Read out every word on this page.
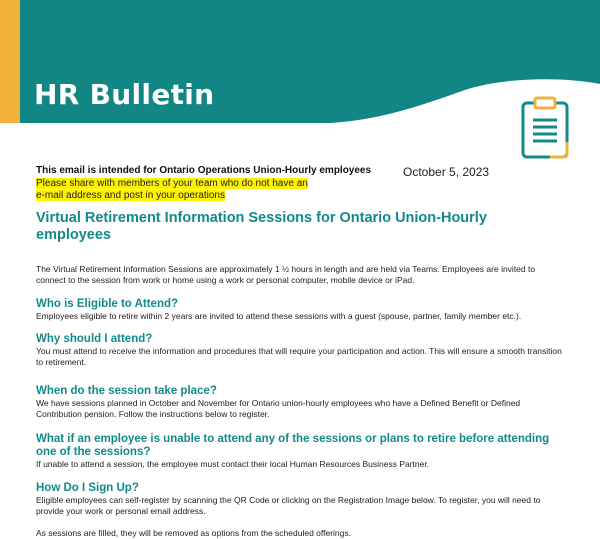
HR Bulletin
This email is intended for Ontario Operations Union-Hourly employees
Please share with members of your team who do not have an
e-mail address and post in your operations
October 5, 2023
Virtual Retirement Information Sessions for Ontario Union-Hourly employees

The Virtual Retirement Information Sessions are approximately 1 ½ hours in length and are held via Teams. Employees are invited to connect to the session from work or home using a work or personal computer, mobile device or iPad.

Who is Eligible to Attend?

Employees eligible to retire within 2 years are invited to attend these sessions with a guest (spouse, partner, family member etc.).

Why should I attend?

You must attend to receive the information and procedures that will require your participation and action. This will ensure a smooth transition to retirement.

When do the session take place?

We have sessions planned in October and November for Ontario union-hourly employees who have a Defined Benefit or Defined Contribution pension. Follow the instructions below to register.

What if an employee is unable to attend any of the sessions or plans to retire before attending one of the sessions?

If unable to attend a session, the employee must contact their local Human Resources Business Partner.

How Do I Sign Up?

Eligible employees can self-register by scanning the QR Code or clicking on the Registration Image below. To register, you will need to provide your work or personal email address.

As sessions are filled, they will be removed as options from the scheduled offerings.
